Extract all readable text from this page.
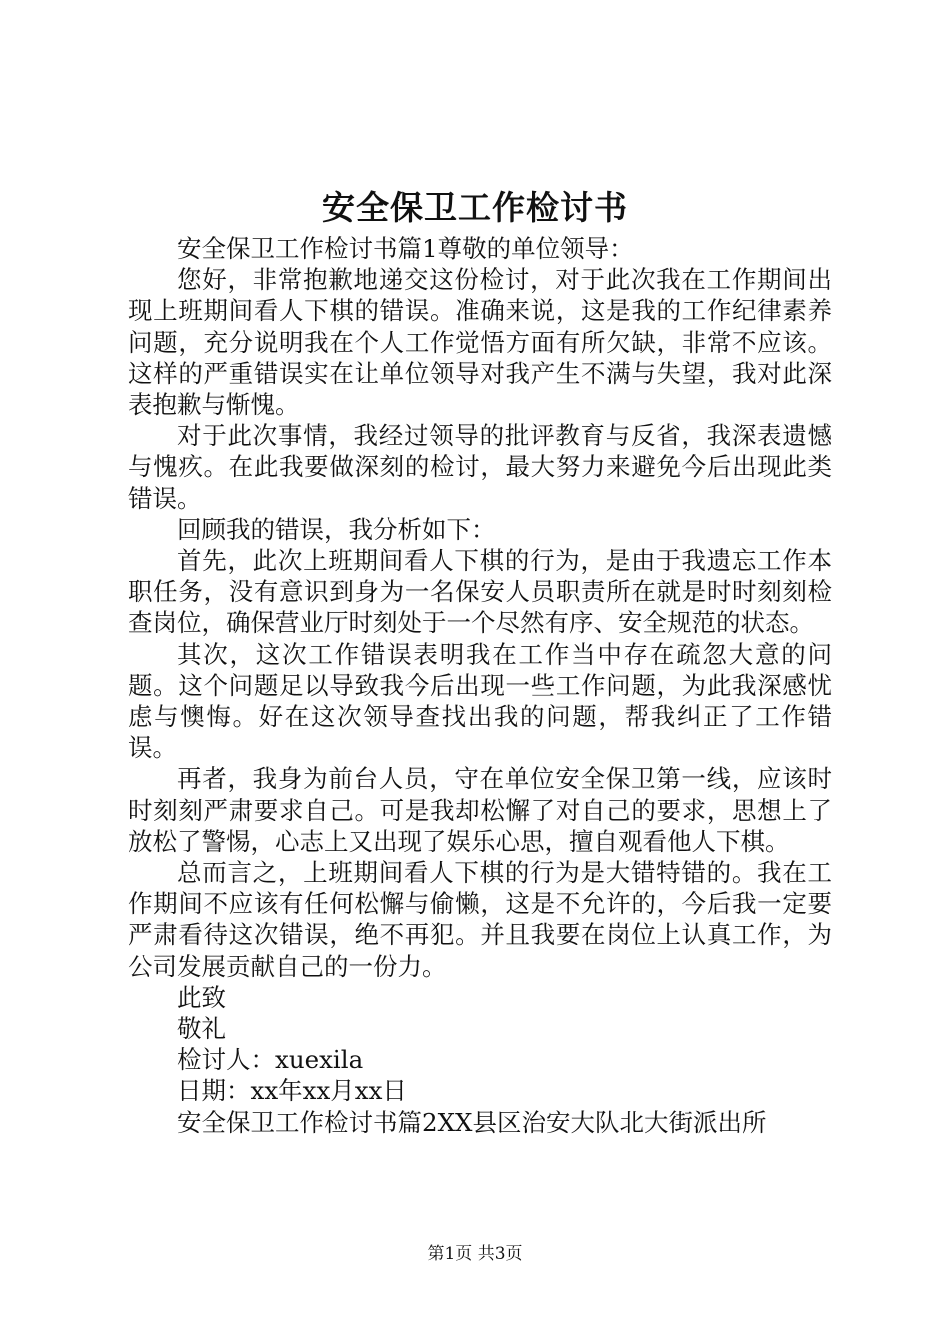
安全保卫工作检讨书

安全保卫工作检讨书篇1尊敬的单位领导：

您好，非常抱歉地递交这份检讨，对于此次我在工作期间出现上班期间看人下棋的错误。准确来说，这是我的工作纪律素养问题，充分说明我在个人工作觉悟方面有所欠缺，非常不应该。这样的严重错误实在让单位领导对我产生不满与失望，我对此深表抱歉与惭愧。

对于此次事情，我经过领导的批评教育与反省，我深表遗憾与愧疚。在此我要做深刻的检讨，最大努力来避免今后出现此类错误。

回顾我的错误，我分析如下：

首先，此次上班期间看人下棋的行为，是由于我遗忘工作本职任务，没有意识到身为一名保安人员职责所在就是时时刻刻检查岗位，确保营业厅时刻处于一个尽然有序、安全规范的状态。

其次，这次工作错误表明我在工作当中存在疏忽大意的问题。这个问题足以导致我今后出现一些工作问题，为此我深感忧虑与懊悔。好在这次领导查找出我的问题，帮我纠正了工作错误。

再者，我身为前台人员，守在单位安全保卫第一线，应该时时刻刻严肃要求自己。可是我却松懈了对自己的要求，思想上了放松了警惕，心志上又出现了娱乐心思，擅自观看他人下棋。

总而言之，上班期间看人下棋的行为是大错特错的。我在工作期间不应该有任何松懈与偷懒，这是不允许的，今后我一定要严肃看待这次错误，绝不再犯。并且我要在岗位上认真工作，为公司发展贡献自己的一份力。

此致

敬礼

检讨人：xuexila

日期：xx年xx月xx日

安全保卫工作检讨书篇2XX县区治安大队北大街派出所

第1页 共3页
